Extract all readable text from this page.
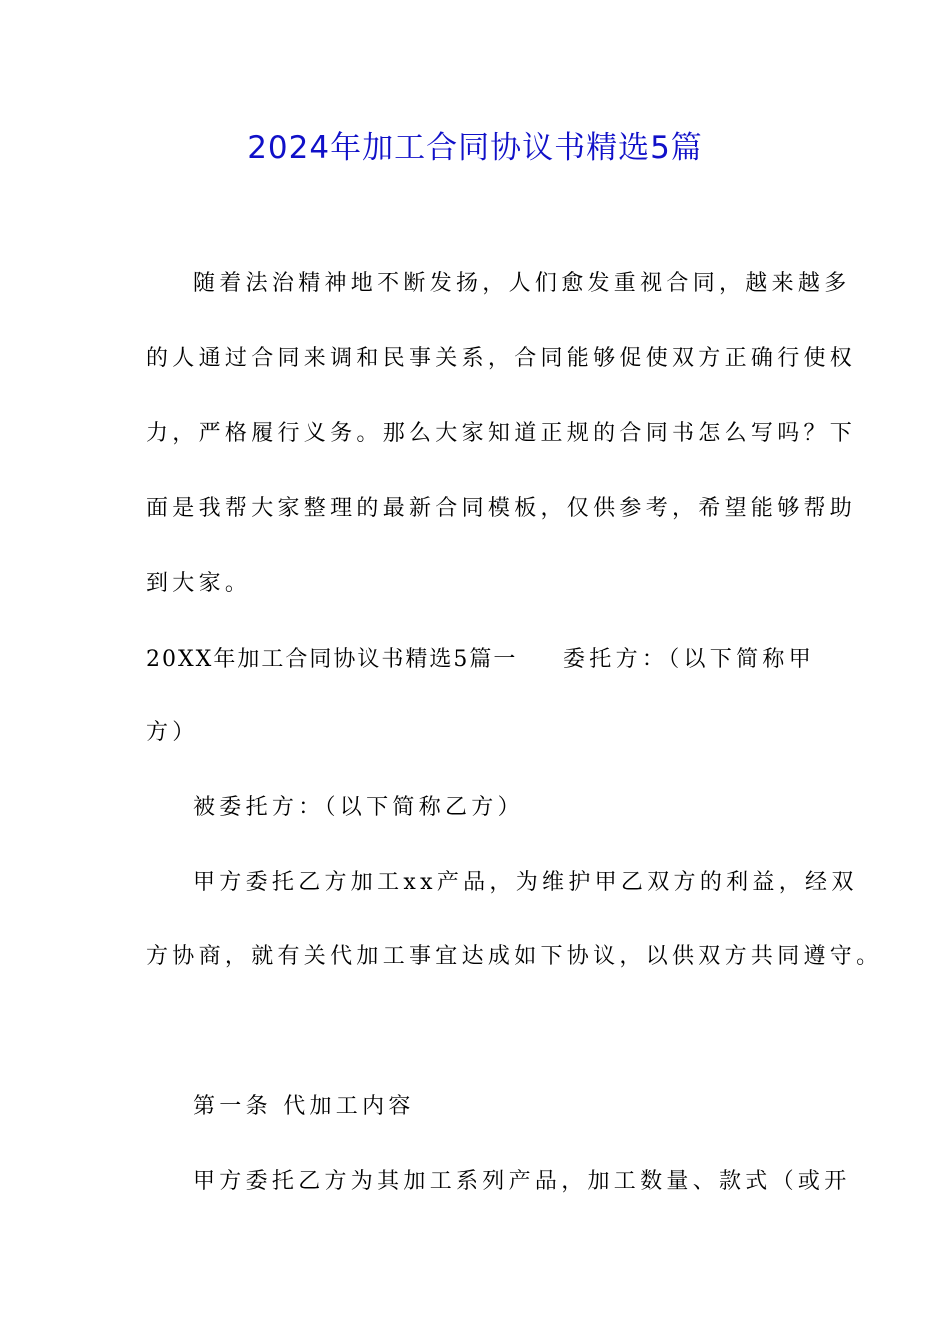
2024年加工合同协议书精选5篇
随着法治精神地不断发扬，人们愈发重视合同，越来越多
的人通过合同来调和民事关系，合同能够促使双方正确行使权
力，严格履行义务。那么大家知道正规的合同书怎么写吗？下
面是我帮大家整理的最新合同模板，仅供参考，希望能够帮助
到大家。
20XX年加工合同协议书精选5篇一 委托方：（以下简称甲
方）
被委托方：（以下简称乙方）
甲方委托乙方加工xx产品，为维护甲乙双方的利益，经双
方协商，就有关代加工事宜达成如下协议，以供双方共同遵守。
第一条 代加工内容
甲方委托乙方为其加工系列产品，加工数量、款式（或开
